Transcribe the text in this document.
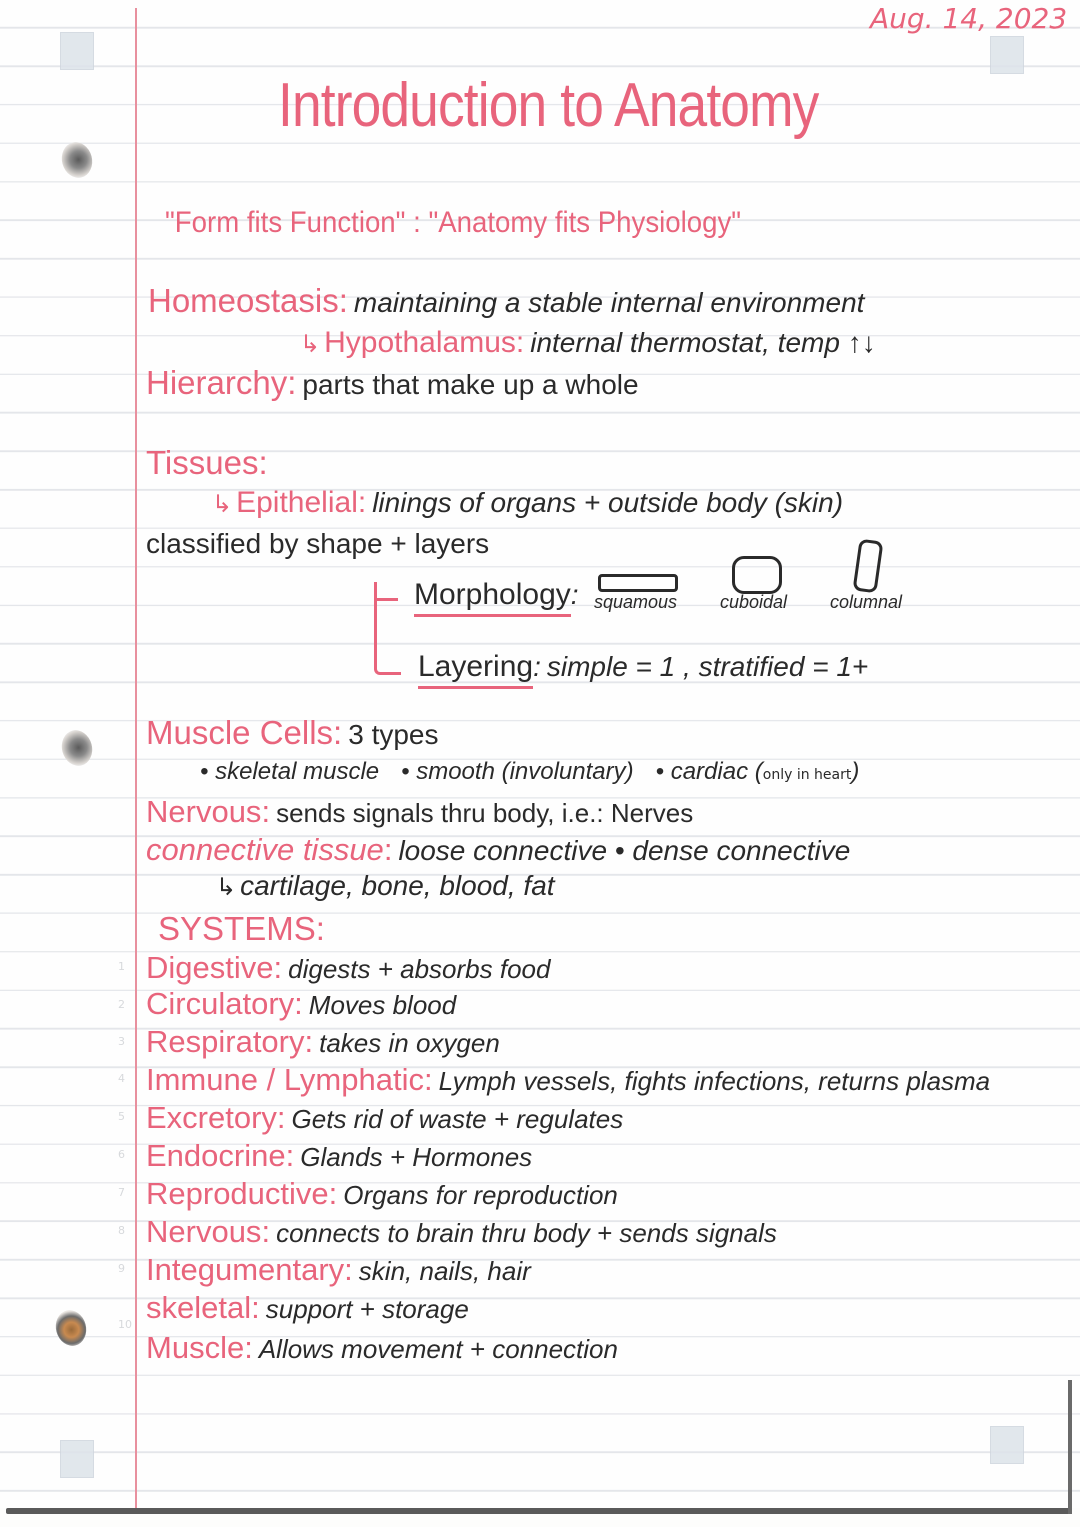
1
2
3
4
5
6
7
8
9
10
Aug. 14, 2023
Introduction to Anatomy
"Form fits Function" : "Anatomy fits Physiology"
Homeostasis : maintaining a stable internal environment
↳ Hypothalamus : internal thermostat, temp ↑↓
Hierarchy : parts that make up a whole
Tissues:
↳ Epithelial : linings of organs + outside body (skin)
classified by shape + layers
Morphology : squamous cuboidal columnal
Layering : simple = 1 , stratified = 1+
Muscle Cells : 3 types
• skeletal muscle • smooth (involuntary) • cardiac ( only in heart )
Nervous : sends signals thru body, i.e.: Nerves
connective tissue : loose connective • dense connective
↳ cartilage, bone, blood, fat
SYSTEMS:
Digestive : digests + absorbs food
Circulatory : Moves blood
Respiratory : takes in oxygen
Immune / Lymphatic : Lymph vessels, fights infections, returns plasma
Excretory : Gets rid of waste + regulates
Endocrine : Glands + Hormones
Reproductive : Organs for reproduction
Nervous : connects to brain thru body + sends signals
Integumentary : skin, nails, hair
skeletal : support + storage
Muscle : Allows movement + connection
